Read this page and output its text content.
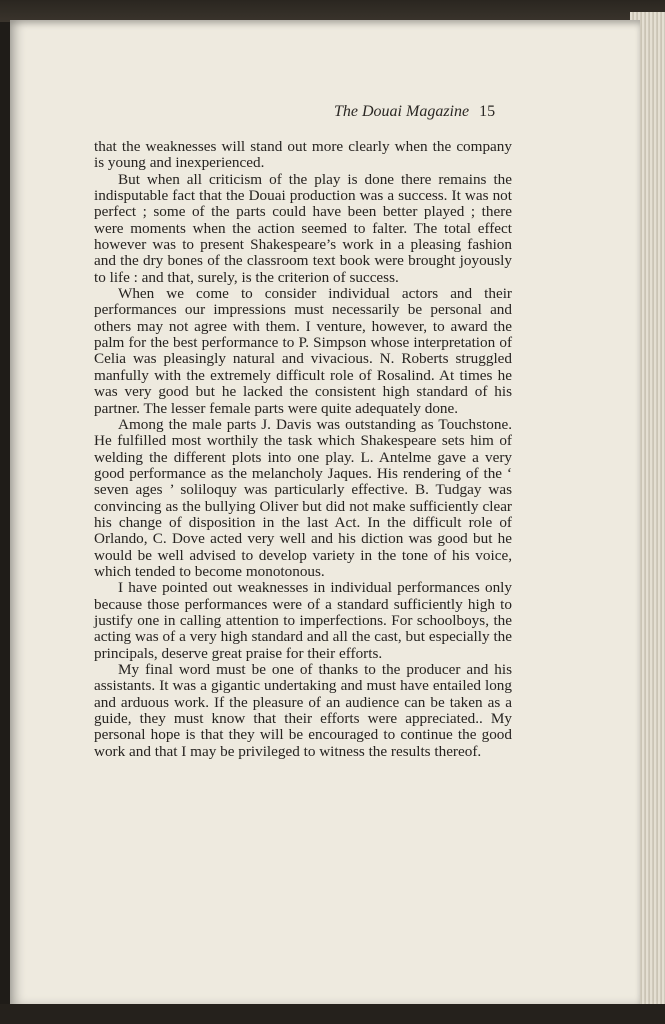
The Douai Magazine 15

that the weaknesses will stand out more clearly when the company is young and inexperienced.

But when all criticism of the play is done there remains the indisputable fact that the Douai production was a success. It was not perfect ; some of the parts could have been better played ; there were moments when the action seemed to falter. The total effect however was to present Shakespeare’s work in a pleasing fashion and the dry bones of the classroom text book were brought joyously to life : and that, surely, is the criterion of success.

When we come to consider individual actors and their performances our impressions must necessarily be personal and others may not agree with them. I venture, however, to award the palm for the best performance to P. Simpson whose interpretation of Celia was pleasingly natural and vivacious. N. Roberts struggled manfully with the extremely difficult role of Rosalind. At times he was very good but he lacked the consistent high standard of his partner. The lesser female parts were quite adequately done.

Among the male parts J. Davis was outstanding as Touchstone. He fulfilled most worthily the task which Shakespeare sets him of welding the different plots into one play. L. Antelme gave a very good performance as the melancholy Jaques. His rendering of the ‘ seven ages ’ soliloquy was particularly effective. B. Tudgay was convincing as the bullying Oliver but did not make sufficiently clear his change of disposition in the last Act. In the difficult role of Orlando, C. Dove acted very well and his diction was good but he would be well advised to develop variety in the tone of his voice, which tended to become monotonous.

I have pointed out weaknesses in individual performances only because those performances were of a standard sufficiently high to justify one in calling attention to imperfections. For schoolboys, the acting was of a very high standard and all the cast, but especially the principals, deserve great praise for their efforts.

My final word must be one of thanks to the producer and his assistants. It was a gigantic undertaking and must have entailed long and arduous work. If the pleasure of an audience can be taken as a guide, they must know that their efforts were appreciated.. My personal hope is that they will be encouraged to continue the good work and that I may be privileged to witness the results thereof.
